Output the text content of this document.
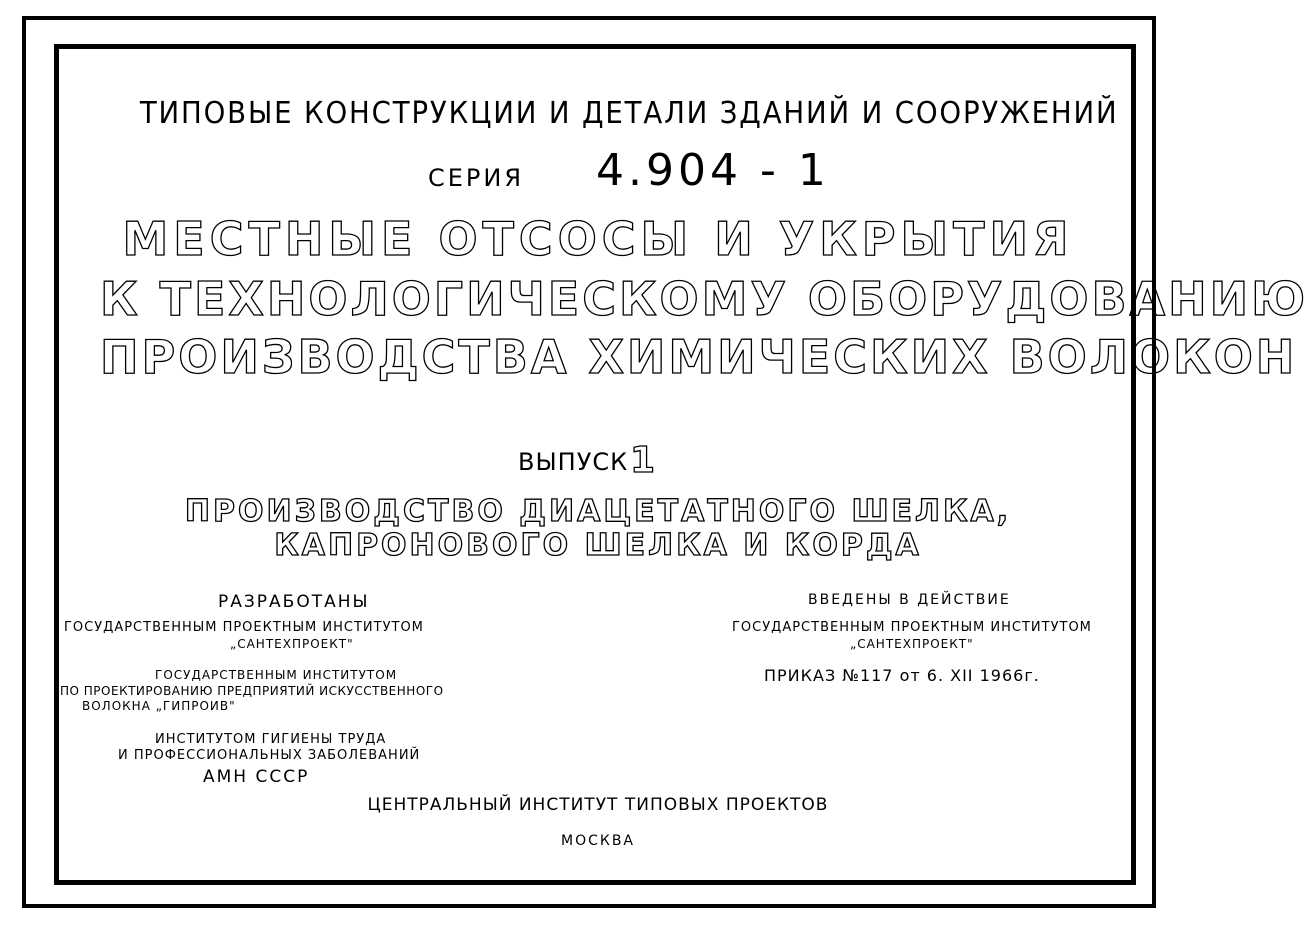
ТИПОВЫЕ КОНСТРУКЦИИ И ДЕТАЛИ ЗДАНИЙ И СООРУЖЕНИЙ
СЕРИЯ 4.904 - 1
МЕСТНЫЕ ОТСОСЫ И УКРЫТИЯ
К ТЕХНОЛОГИЧЕСКОМУ ОБОРУДОВАНИЮ
ПРОИЗВОДСТВА ХИМИЧЕСКИХ ВОЛОКОН
ВЫПУСК 1
ПРОИЗВОДСТВО ДИАЦЕТАТНОГО ШЕЛКА,
КАПРОНОВОГО ШЕЛКА И КОРДА
РАЗРАБОТАНЫ
ГОСУДАРСТВЕННЫМ ПРОЕКТНЫМ ИНСТИТУТОМ
„САНТЕХПРОЕКТ"
ГОСУДАРСТВЕННЫМ ИНСТИТУТОМ
ПО ПРОЕКТИРОВАНИЮ ПРЕДПРИЯТИЙ ИСКУССТВЕННОГО
ВОЛОКНА „ГИПРОИВ"
ИНСТИТУТОМ ГИГИЕНЫ ТРУДА
И ПРОФЕССИОНАЛЬНЫХ ЗАБОЛЕВАНИЙ
АМН СССР
ВВЕДЕНЫ В ДЕЙСТВИЕ
ГОСУДАРСТВЕННЫМ ПРОЕКТНЫМ ИНСТИТУТОМ
„САНТЕХПРОЕКТ"
ПРИКАЗ №117 от 6. XII 1966г.
ЦЕНТРАЛЬНЫЙ ИНСТИТУТ ТИПОВЫХ ПРОЕКТОВ
МОСКВА
